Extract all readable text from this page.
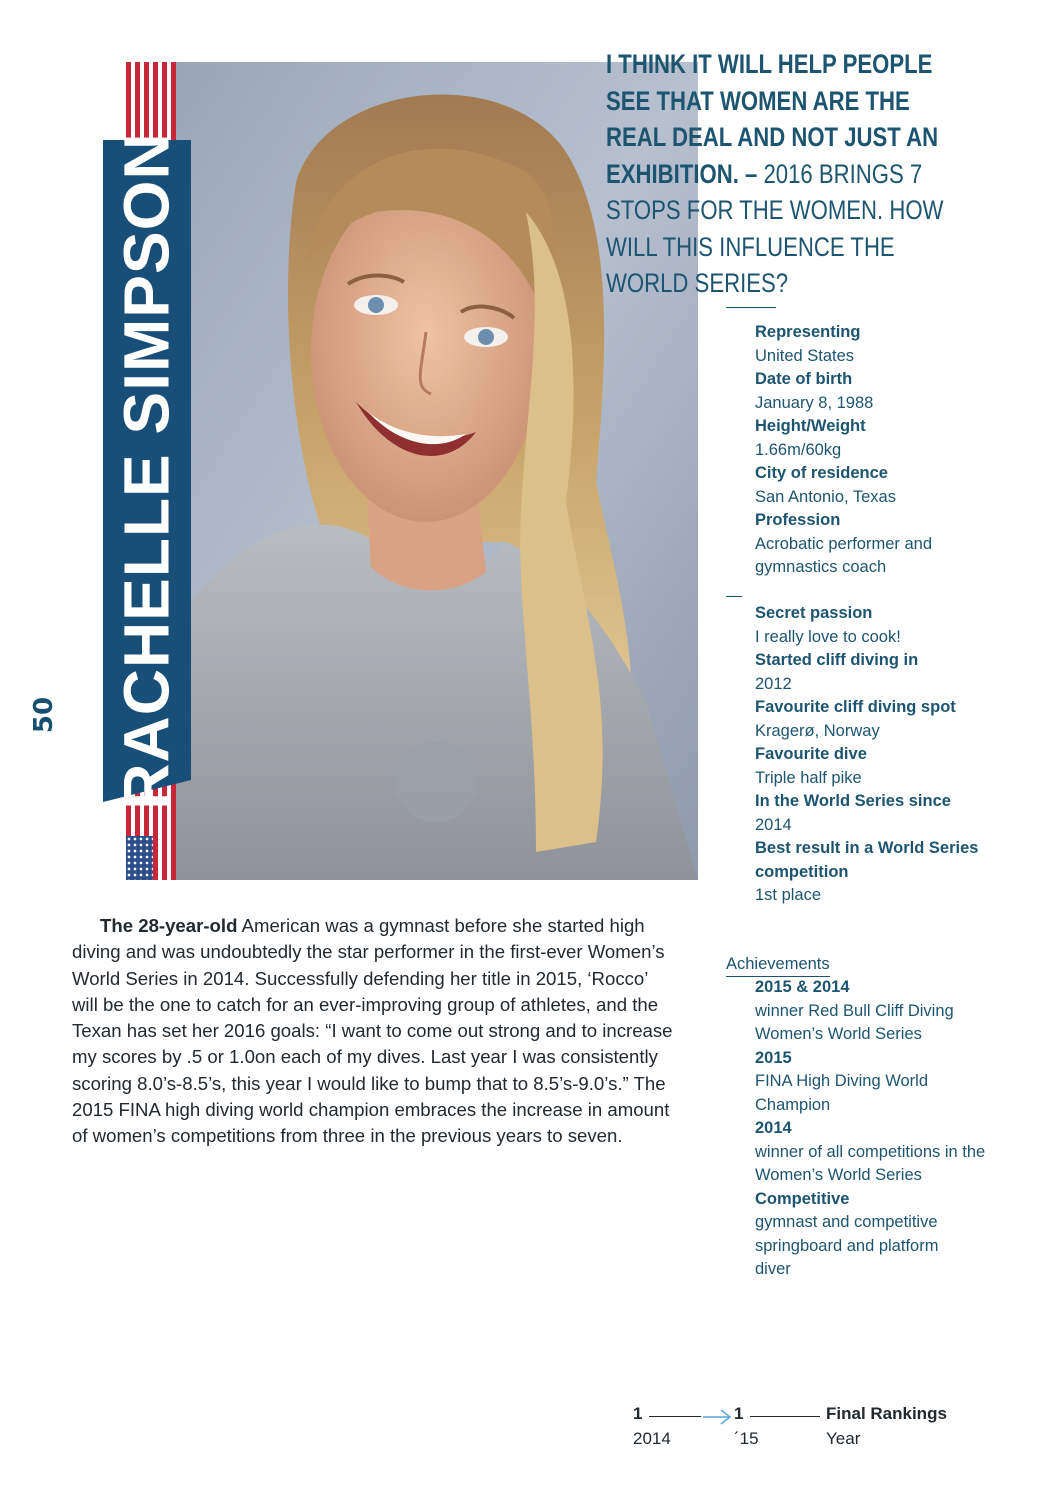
50 RACHELLE SIMPSON
I THINK IT WILL HELP PEOPLE SEE THAT WOMEN ARE THE REAL DEAL AND NOT JUST AN EXHIBITION. – 2016 BRINGS 7 STOPS FOR THE WOMEN. HOW WILL THIS INFLUENCE THE WORLD SERIES?
Representing
United States
Date of birth
January 8, 1988
Height/Weight
1.66m/60kg
City of residence
San Antonio, Texas
Profession
Acrobatic performer and gymnastics coach
Secret passion
I really love to cook!
Started cliff diving in
2012
Favourite cliff diving spot
Kragerø, Norway
Favourite dive
Triple half pike
In the World Series since
2014
Best result in a World Series competition
1st place
Achievements
2015 & 2014
winner Red Bull Cliff Diving Women’s World Series
2015
FINA High Diving World Champion
2014
winner of all competitions in the Women’s World Series
Competitive
gymnast and competitive springboard and platform diver
The 28-year-old American was a gymnast before she started high diving and was undoubtedly the star performer in the first-ever Women’s World Series in 2014. Successfully defending her title in 2015, ‘Rocco’ will be the one to catch for an ever-improving group of athletes, and the Texan has set her 2016 goals: “I want to come out strong and to increase my scores by .5 or 1.0on each of my dives. Last year I was consistently scoring 8.0’s-8.5’s, this year I would like to bump that to 8.5’s-9.0’s.” The 2015 FINA high diving world champion embraces the increase in amount of women’s competitions from three in the previous years to seven.
1	1	Final Rankings
2014	´15	Year
